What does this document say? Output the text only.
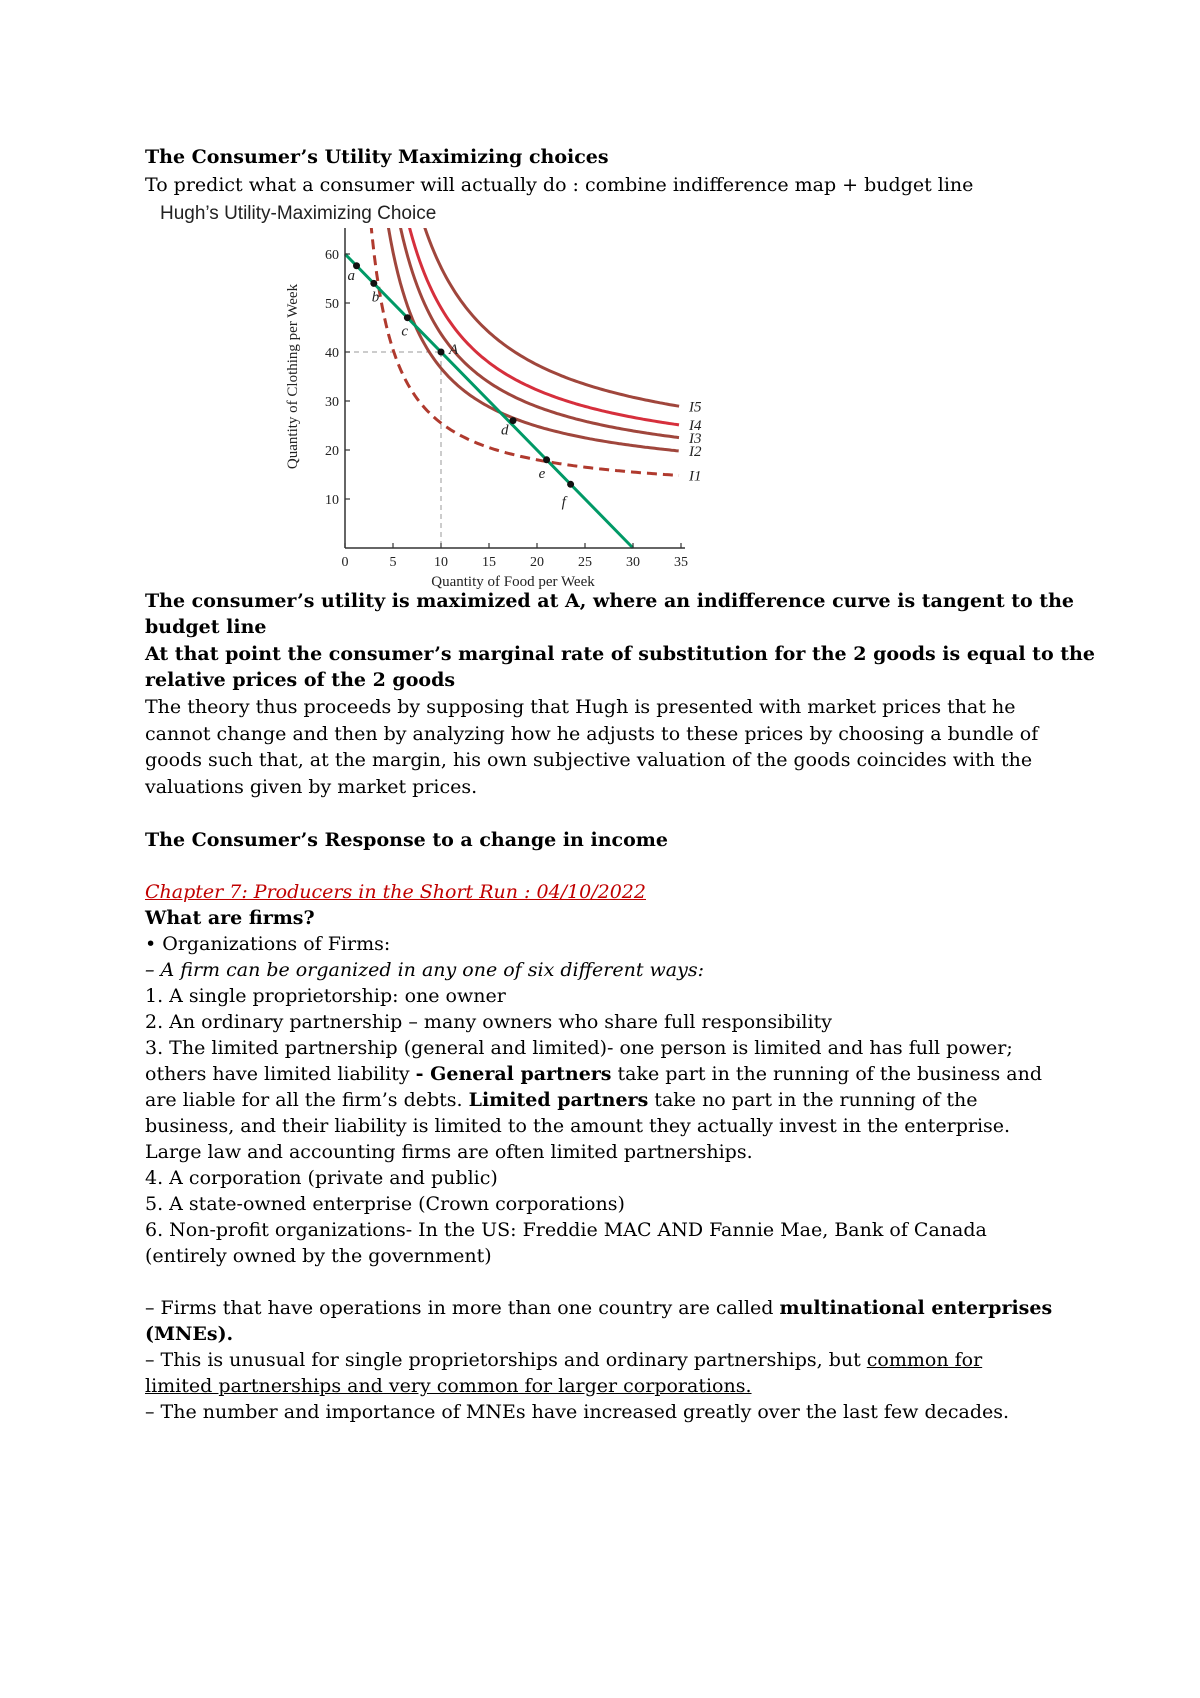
The Consumer’s Utility Maximizing choices
To predict what a consumer will actually do : combine indifference map + budget line
Hugh’s Utility-Maximizing Choice
I1
I2
I3
I4
I5
a
b
c
A
d
e
f
0	5	10 15 20 25 30 35
10
20
30
40
50
60
Quantity of Clothing per Week
Quantity of Food per Week
The consumer’s utility is maximized at A, where an indifference curve is tangent to the
budget line
At that point the consumer’s marginal rate of substitution for the 2 goods is equal to the
relative prices of the 2 goods
The theory thus proceeds by supposing that Hugh is presented with market prices that he
cannot change and then by analyzing how he adjusts to these prices by choosing a bundle of
goods such that, at the margin, his own subjective valuation of the goods coincides with the
valuations given by market prices.
The Consumer’s Response to a change in income
Chapter 7: Producers in the Short Run : 04/10/2022
What are firms?
• Organizations of Firms:
– A firm can be organized in any one of six different ways:
1. A single proprietorship: one owner
2. An ordinary partnership – many owners who share full responsibility
3. The limited partnership (general and limited)- one person is limited and has full power;
others have limited liability - General partners take part in the running of the business and
are liable for all the firm’s debts. Limited partners take no part in the running of the
business, and their liability is limited to the amount they actually invest in the enterprise.
Large law and accounting firms are often limited partnerships.
4. A corporation (private and public)
5. A state-owned enterprise (Crown corporations)
6. Non-profit organizations- In the US: Freddie MAC AND Fannie Mae, Bank of Canada
(entirely owned by the government)
– Firms that have operations in more than one country are called multinational enterprises
(MNEs).
– This is unusual for single proprietorships and ordinary partnerships, but common for
limited partnerships and very common for larger corporations.
– The number and importance of MNEs have increased greatly over the last few decades.
